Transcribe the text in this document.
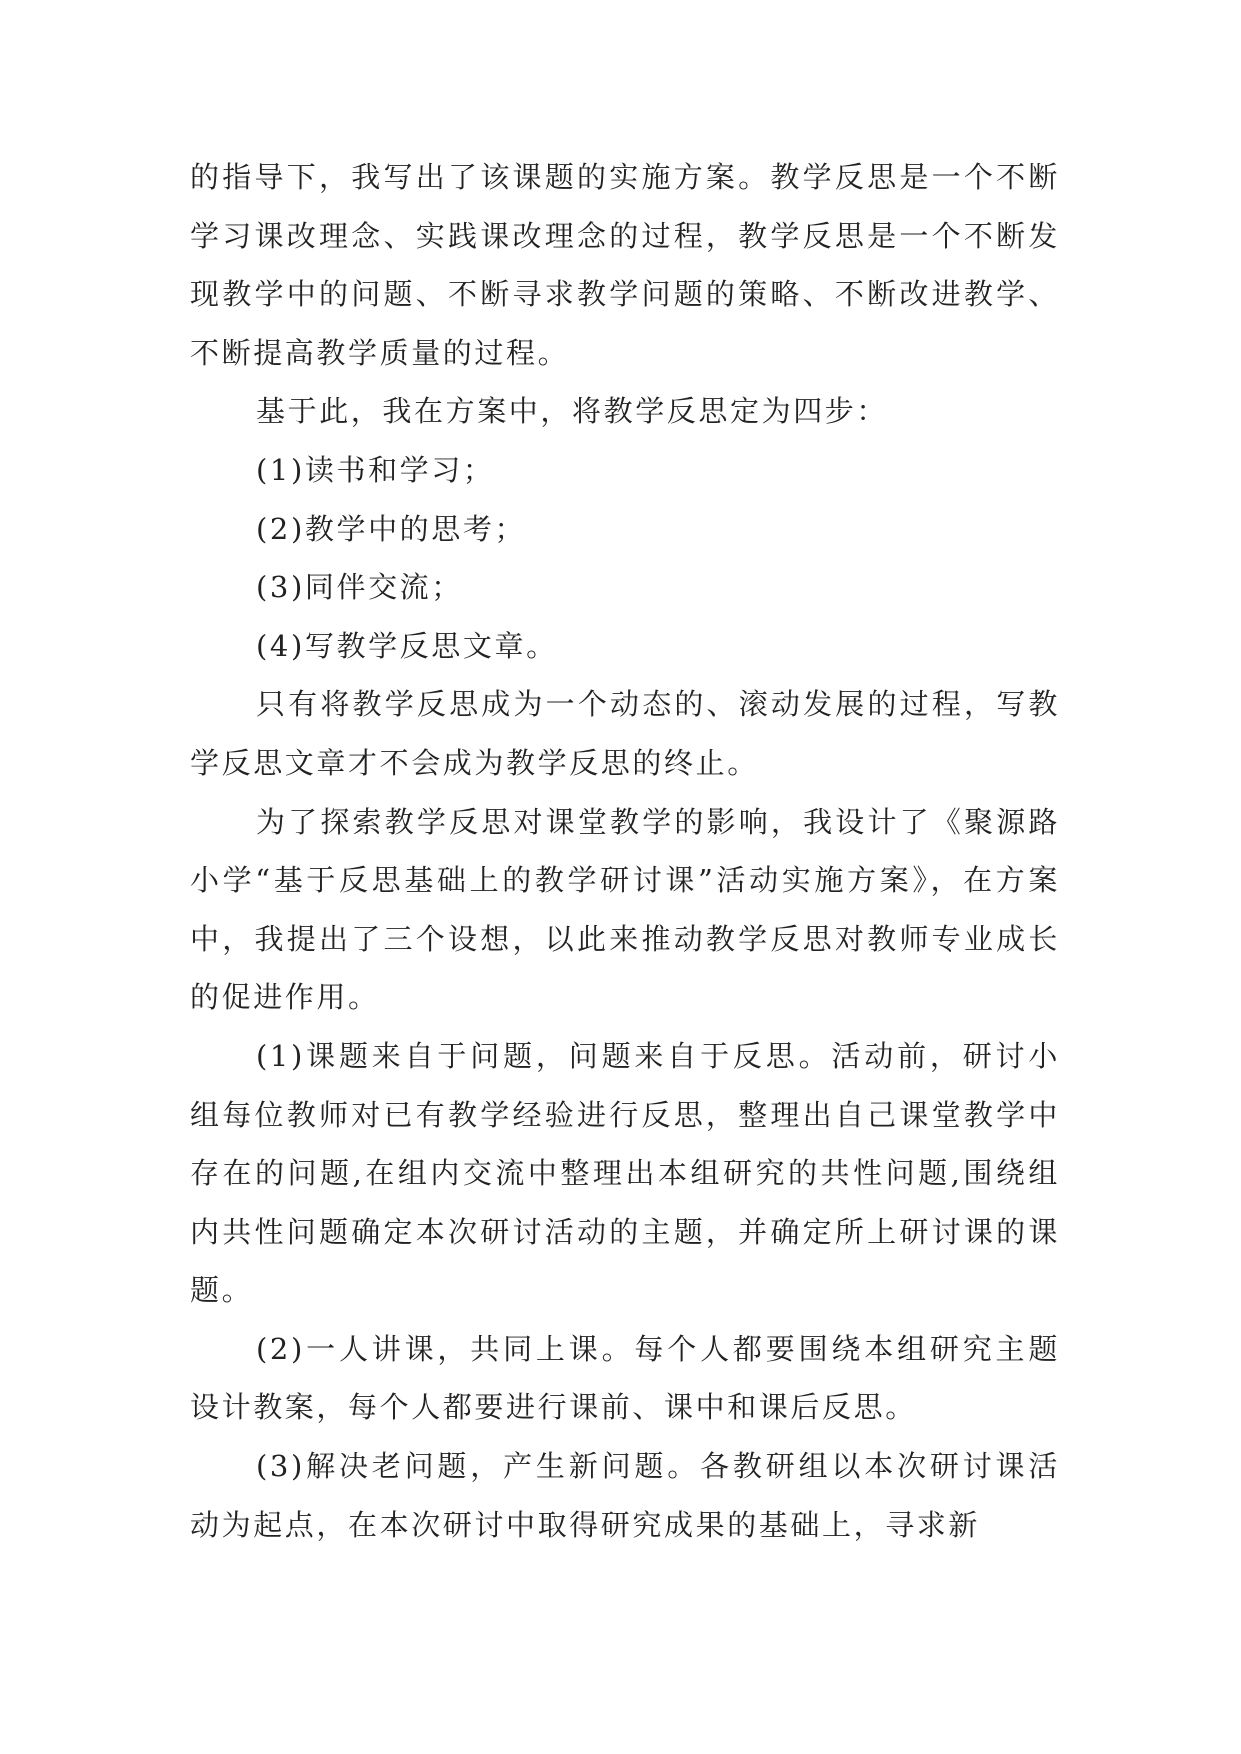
的指导下，我写出了该课题的实施方案。教学反思是一个不断学习课改理念、实践课改理念的过程，教学反思是一个不断发现教学中的问题、不断寻求教学问题的策略、不断改进教学、不断提高教学质量的过程。

基于此，我在方案中，将教学反思定为四步：

(1)读书和学习；

(2)教学中的思考；

(3)同伴交流；

(4)写教学反思文章。

只有将教学反思成为一个动态的、滚动发展的过程，写教学反思文章才不会成为教学反思的终止。

为了探索教学反思对课堂教学的影响，我设计了《聚源路小学“基于反思基础上的教学研讨课”活动实施方案》，在方案中，我提出了三个设想，以此来推动教学反思对教师专业成长的促进作用。

(1)课题来自于问题，问题来自于反思。活动前，研讨小组每位教师对已有教学经验进行反思，整理出自己课堂教学中存在的问题,在组内交流中整理出本组研究的共性问题,围绕组内共性问题确定本次研讨活动的主题，并确定所上研讨课的课题。

(2)一人讲课，共同上课。每个人都要围绕本组研究主题设计教案，每个人都要进行课前、课中和课后反思。

(3)解决老问题，产生新问题。各教研组以本次研讨课活动为起点，在本次研讨中取得研究成果的基础上，寻求新
